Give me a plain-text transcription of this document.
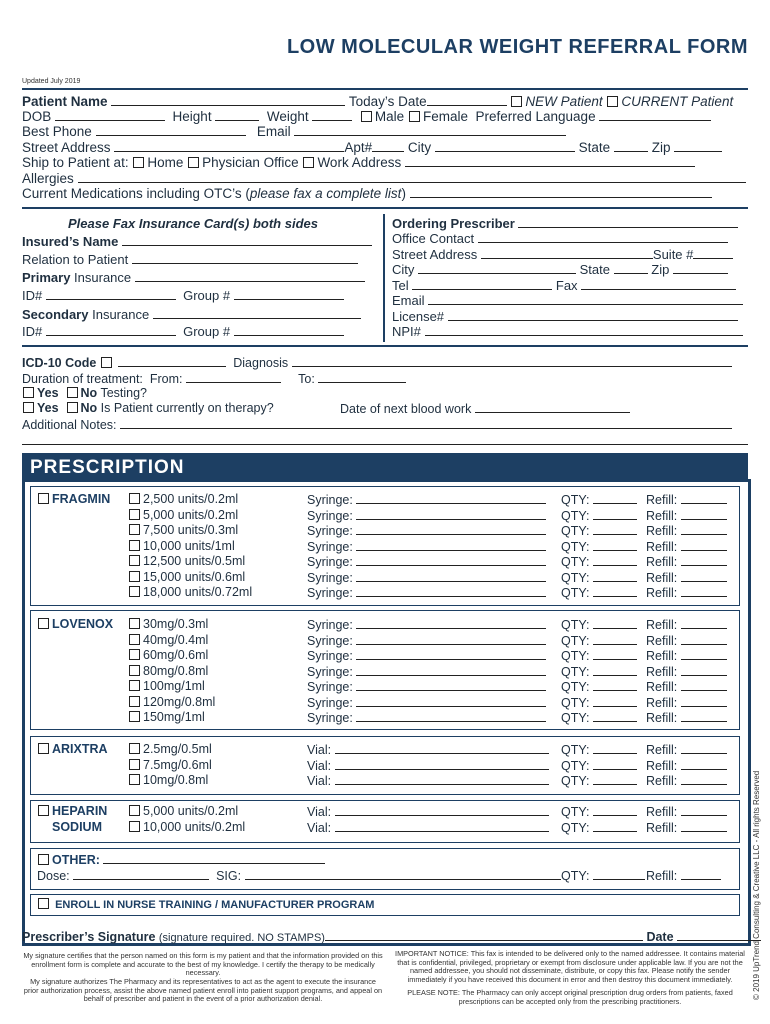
LOW MOLECULAR WEIGHT REFERRAL FORM
Updated July 2019
Patient Name	Today’s Date	NEW Patient CURRENT Patient
DOB	Height	Weight	Male Female Preferred Language
Best Phone	Email
Street Address	Apt#	City	State	Zip
Ship to Patient at: Home Physician Office Work Address
Allergies
Current Medications including OTC’s (please fax a complete list)
Please Fax Insurance Card(s) both sides
Insured’s Name
Relation to Patient
Primary Insurance
ID#	Group #
Secondary Insurance
ID#	Group #
Ordering Prescriber
Office Contact
Street Address	Suite #
City	State	Zip
Tel	Fax
Email
License#
NPI#
ICD-10 Code	Diagnosis
Duration of treatment: From:	To:
Yes No Testing?
Yes No Is Patient currently on therapy?	Date of next blood work
Additional Notes:
PRESCRIPTION
FRAGMIN	2,500 units/0.2ml	Syringe:	QTY:	Refill:
5,000 units/0.2ml	Syringe:	QTY:	Refill:
7,500 units/0.3ml	Syringe:	QTY:	Refill:
10,000 units/1ml	Syringe:	QTY:	Refill:
12,500 units/0.5ml	Syringe:	QTY:	Refill:
15,000 units/0.6ml	Syringe:	QTY:	Refill:
18,000 units/0.72ml	Syringe:	QTY:	Refill:
LOVENOX	30mg/0.3ml	Syringe:	QTY:	Refill:
40mg/0.4ml	Syringe:	QTY:	Refill:
60mg/0.6ml	Syringe:	QTY:	Refill:
80mg/0.8ml	Syringe:	QTY:	Refill:
100mg/1ml	Syringe:	QTY:	Refill:
120mg/0.8ml	Syringe:	QTY:	Refill:
150mg/1ml	Syringe:	QTY:	Refill:
ARIXTRA	2.5mg/0.5ml	Vial:	QTY:	Refill:
7.5mg/0.6ml	Vial:	QTY:	Refill:
10mg/0.8ml	Vial:	QTY:	Refill:
HEPARIN
SODIUM
5,000 units/0.2ml	Vial:	QTY:	Refill:
10,000 units/0.2ml	Vial:	QTY:	Refill:
OTHER:
Dose:	SIG:	QTY:	Refill:
ENROLL IN NURSE TRAINING / MANUFACTURER PROGRAM
Prescriber’s Signature (signature required. NO STAMPS)	Date
My signature certifies that the person named on this form is my patient and that the information provided on this enrollment form is complete and accurate to the best of my knowledge. I certify the therapy to be medically necessary.
My signature authorizes The Pharmacy and its representatives to act as the agent to execute the insurance prior authorization process, assist the above named patient enroll into patient support programs, and appeal on behalf of prescriber and patient in the event of a prior authorization denial.
IMPORTANT NOTICE: This fax is intended to be delivered only to the named addressee. It contains material that is confidential, privileged, proprietary or exempt from disclosure under applicable law. If you are not the named addressee, you should not disseminate, distribute, or copy this fax. Please notify the sender immediately if you have received this document in error and then destroy this document immediately.
PLEASE NOTE: The Pharmacy can only accept original prescription drug orders from patients, faxed prescriptions can be accepted only from the prescribing practitioners.
© 2019 UpTrend Consulting & Creative LLC - All rights Reserved
